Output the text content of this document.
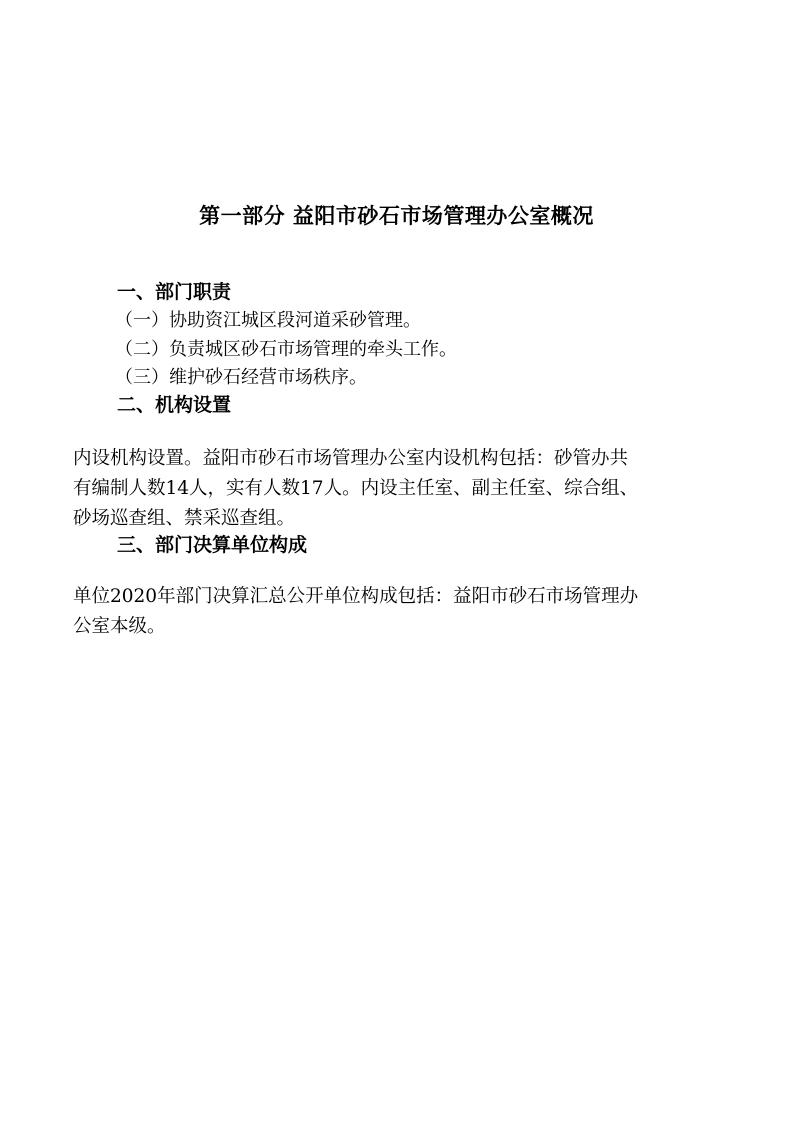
第一部分 益阳市砂石市场管理办公室概况
一、部门职责
（一）协助资江城区段河道采砂管理。
（二）负责城区砂石市场管理的牵头工作。
（三）维护砂石经营市场秩序。
二、机构设置
内设机构设置。益阳市砂石市场管理办公室内设机构包括：砂管办共
有编制人数14人，实有人数17人。内设主任室、副主任室、综合组、
砂场巡查组、禁采巡查组。
三、部门决算单位构成
单位2020年部门决算汇总公开单位构成包括：益阳市砂石市场管理办
公室本级。
